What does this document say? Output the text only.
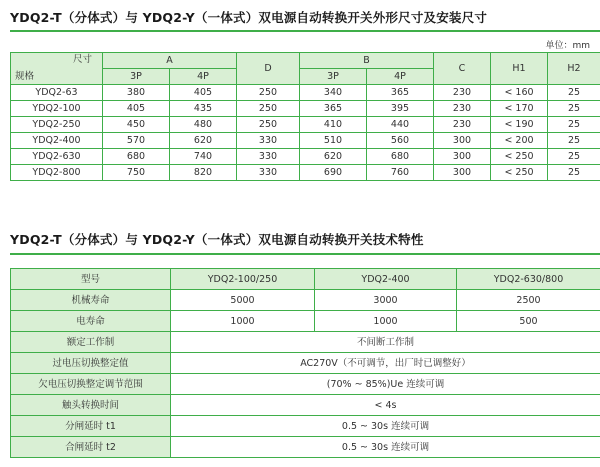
YDQ2-T（分体式）与 YDQ2-Y（一体式）双电源自动转换开关外形尺寸及安装尺寸
单位：mm
尺寸
规格	A		D	B		C	H1	H2
	3P	4P		3P	4P			
YDQ2-63	380	405	250	340	365	230	< 160	25
YDQ2-100	405	435	250	365	395	230	< 170	25
YDQ2-250	450	480	250	410	440	230	< 190	25
YDQ2-400	570	620	330	510	560	300	< 200	25
YDQ2-630	680	740	330	620	680	300	< 250	25
YDQ2-800	750	820	330	690	760	300	< 250	25
YDQ2-T（分体式）与 YDQ2-Y（一体式）双电源自动转换开关技术特性
型号	YDQ2-100/250	YDQ2-400	YDQ2-630/800
机械寿命	5000	3000	2500
电寿命	1000	1000	500
额定工作制	不间断工作制		
过电压切换整定值	AC270V（不可调节，出厂时已调整好）		
欠电压切换整定调节范围	(70% ~ 85%)Ue 连续可调		
触头转换时间	< 4s		
分闸延时 t1	0.5 ~ 30s 连续可调		
合闸延时 t2	0.5 ~ 30s 连续可调		
